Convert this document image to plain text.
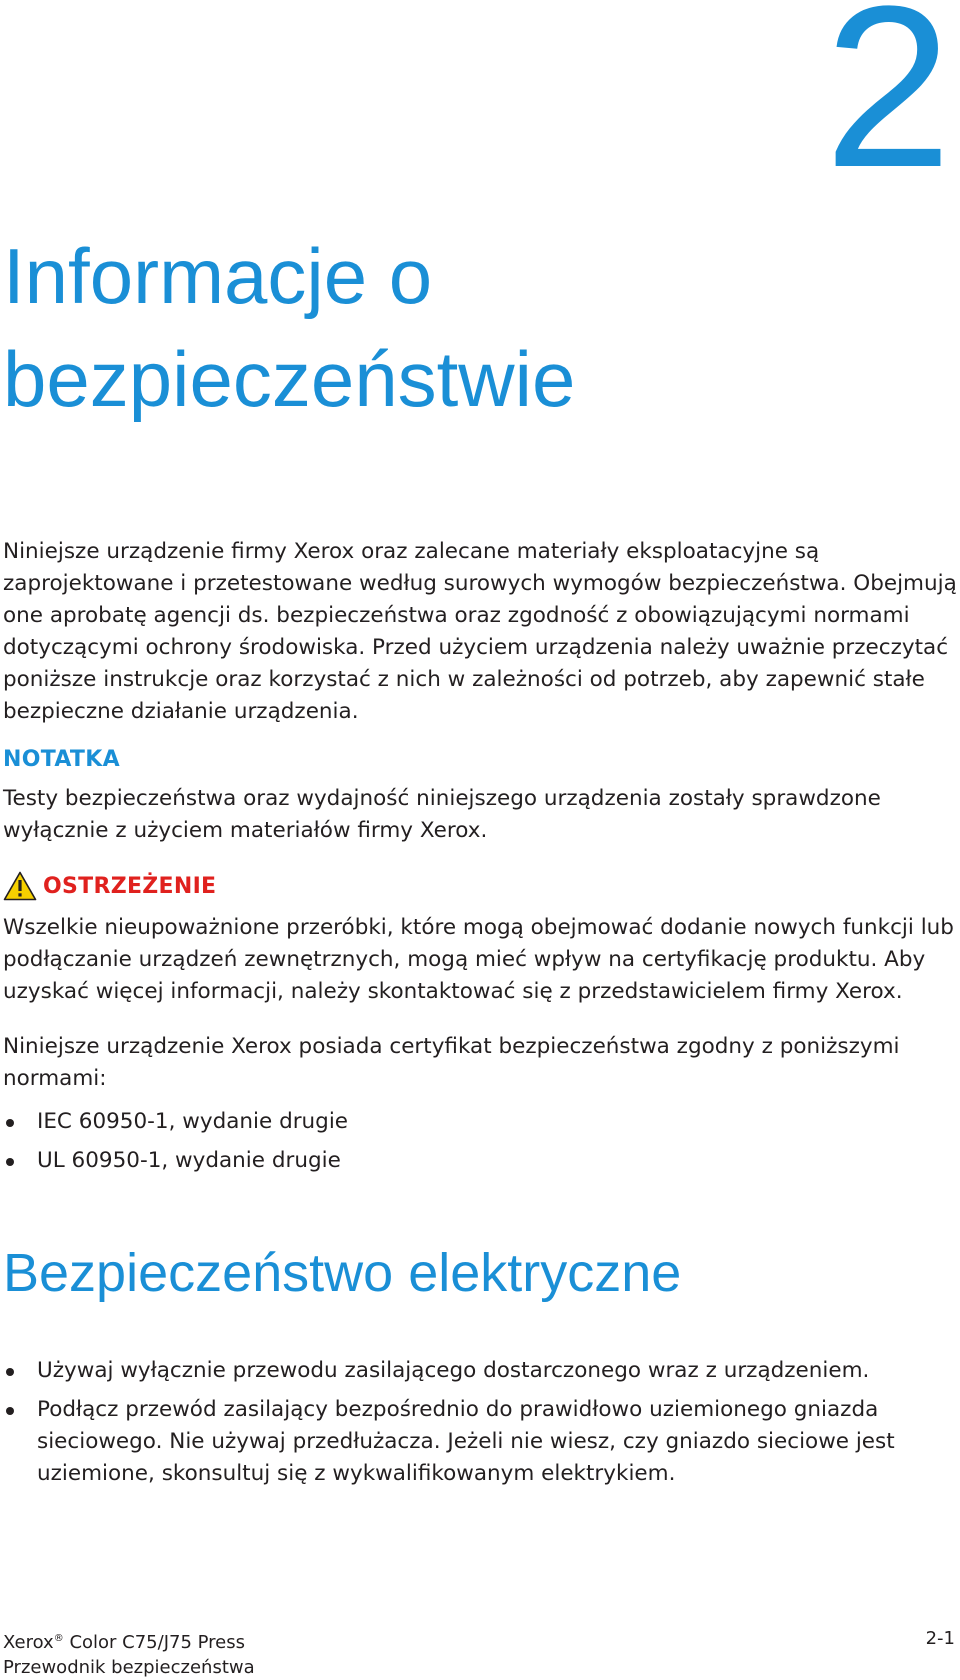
2
Informacje o bezpieczeństwie

Niniejsze urządzenie firmy Xerox oraz zalecane materiały eksploatacyjne są zaprojektowane i przetestowane według surowych wymogów bezpieczeństwa. Obejmują one aprobatę agencji ds. bezpieczeństwa oraz zgodność z obowiązującymi normami dotyczącymi ochrony środowiska. Przed użyciem urządzenia należy uważnie przeczytać poniższe instrukcje oraz korzystać z nich w zależności od potrzeb, aby zapewnić stałe bezpieczne działanie urządzenia.

NOTATKA

Testy bezpieczeństwa oraz wydajność niniejszego urządzenia zostały sprawdzone wyłącznie z użyciem materiałów firmy Xerox.

OSTRZEŻENIE

Wszelkie nieupoważnione przeróbki, które mogą obejmować dodanie nowych funkcji lub podłączanie urządzeń zewnętrznych, mogą mieć wpływ na certyfikację produktu. Aby uzyskać więcej informacji, należy skontaktować się z przedstawicielem firmy Xerox.

Niniejsze urządzenie Xerox posiada certyfikat bezpieczeństwa zgodny z poniższymi normami:

IEC 60950-1, wydanie drugie
UL 60950-1, wydanie drugie
Bezpieczeństwo elektryczne
Używaj wyłącznie przewodu zasilającego dostarczonego wraz z urządzeniem.
Podłącz przewód zasilający bezpośrednio do prawidłowo uziemionego gniazda sieciowego. Nie używaj przedłużacza. Jeżeli nie wiesz, czy gniazdo sieciowe jest uziemione, skonsultuj się z wykwalifikowanym elektrykiem.
Xerox® Color C75/J75 Press
Przewodnik bezpieczeństwa
2-1
